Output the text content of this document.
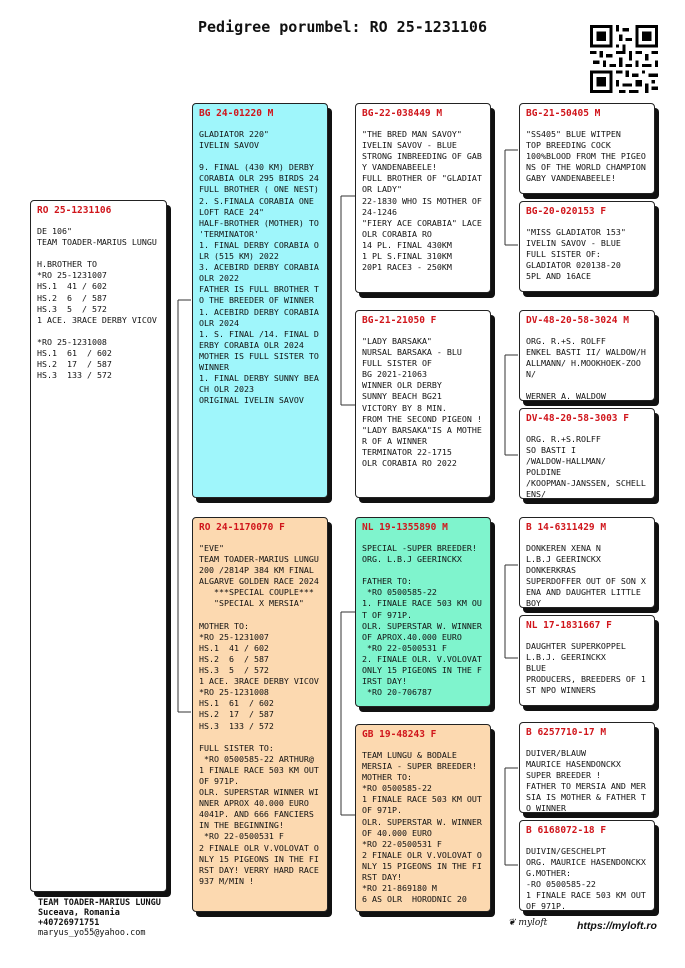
Pedigree porumbel: RO 25-1231106
RO 25-1231106
DE 106"
TEAM TOADER-MARIUS LUNGU

H.BROTHER TO
*RO 25-1231007
HS.1  41 / 602
HS.2  6  / 587
HS.3  5  / 572
1 ACE. 3RACE DERBY VICOV

*RO 25-1231008
HS.1  61  / 602
HS.2  17  / 587
HS.3  133 / 572
BG 24-01220 M
GLADIATOR 220"
IVELIN SAVOV

9. FINAL (430 KM) DERBY CORABIA OLR 295 BIRDS 24 FULL BROTHER ( ONE NEST)
2. S.FINALA CORABIA ONE LOFT RACE 24"
HALF-BROTHER (MOTHER) TO 'TERMINATOR'
1. FINAL DERBY CORABIA OLR (515 KM) 2022
3. ACEBIRD DERBY CORABIA OLR 2022
FATHER IS FULL BROTHER TO THE BREEDER OF WINNER
1. ACEBIRD DERBY CORABIA OLR 2024
1. S. FINAL /14. FINAL DERBY CORABIA OLR 2024
MOTHER IS FULL SISTER TO WINNER
1. FINAL DERBY SUNNY BEACH OLR 2023
ORIGINAL IVELIN SAVOV
RO 24-1170070 F
"EVE"
TEAM TOADER-MARIUS LUNGU
200 /2814P 384 KM FINAL ALGARVE GOLDEN RACE 2024
***SPECIAL COUPLE***
"SPECIAL X MERSIA"

MOTHER TO:
*RO 25-1231007
HS.1  41 / 602
HS.2  6  / 587
HS.3  5  / 572
1 ACE. 3RACE DERBY VICOV
*RO 25-1231008
HS.1  61  / 602
HS.2  17  / 587
HS.3  133 / 572

FULL SISTER TO:
*RO 0500585-22 ARTHUR@
1 FINALE RACE 503 KM OUT OF 971P.
OLR. SUPERSTAR WINNER WINNER APROX 40.000 EURO
4041P. AND 666 FANCIERS IN THE BEGINNING!
*RO 22-0500531 F
2 FINALE OLR V.VOLOVAT ONLY 15 PIGEONS IN THE FIRST DAY! VERRY HARD RACE 937 M/MIN !
BG-22-038449 M
"THE BRED MAN SAVOY"
IVELIN SAVOV - BLUE
STRONG INBREEDING OF GABY VANDENABEELE!
FULL BROTHER OF "GLADIATOR LADY"
22-1830 WHO IS MOTHER OF 24-1246
"FIERY ACE CORABIA" LACE OLR CORABIA RO
14 PL. FINAL 430KM
1 PL S.FINAL 310KM
20P1 RACE3 - 250KM
BG-21-21050 F
"LADY BARSAKA"
NURSAL BARSAKA - BLU
FULL SISTER OF
BG 2021-21063
WINNER OLR DERBY
SUNNY BEACH BG21
VICTORY BY 8 MIN.
FROM THE SECOND PIGEON !
"LADY BARSAKA"IS A MOTHER OF A WINNER
TERMINATOR 22-1715
OLR CORABIA RO 2022
NL 19-1355890 M
SPECIAL -SUPER BREEDER!
ORG. L.B.J GEERINCKX

FATHER TO:
*RO 0500585-22
1. FINALE RACE 503 KM OUT OF 971P.
OLR. SUPERSTAR W. WINNER OF APROX.40.000 EURO
*RO 22-0500531 F
2. FINALE OLR. V.VOLOVAT ONLY 15 PIGEONS IN THE FIRST DAY!
*RO 20-706787
GB 19-48243 F
TEAM LUNGU & BODALE
MERSIA - SUPER BREEDER!
MOTHER TO:
*RO 0500585-22
1 FINALE RACE 503 KM OUT OF 971P.
OLR. SUPERSTAR W. WINNER OF 40.000 EURO
*RO 22-0500531 F
2 FINALE OLR V.VOLOVAT ONLY 15 PIGEONS IN THE FIRST DAY!
*RO 21-869180 M
6 AS OLR  HORODNIC 20
BG-21-50405 M
"SS405" BLUE WITPEN
TOP BREEDING COCK
100%BLOOD FROM THE PIGEONS OF THE WORLD CHAMPION
GABY VANDENABEELE!
BG-20-020153 F
"MISS GLADIATOR 153"
IVELIN SAVOV - BLUE
FULL SISTER OF:
GLADIATOR 020138-20
5PL AND 16ACE
DV-48-20-58-3024 M
ORG. R.+S. ROLFF
ENKEL BASTI II/ WALDOW/HALLMANN/ H.MOOKHOEK-ZOON/

WERNER A. WALDOW
DV-48-20-58-3003 F
ORG. R.+S.ROLFF
SO BASTI I
/WALDOW-HALLMAN/
POLDINE
/KOOPMAN-JANSSEN, SCHELLENS/
B 14-6311429 M
DONKEREN XENA N
L.B.J GEERINCKX
DONKERKRAS
SUPERDOFFER OUT OF SON XENA AND DAUGHTER LITTLE BOY
NL 17-1831667 F
DAUGHTER SUPERKOPPEL
L.B.J. GEERINCKX
BLUE
PRODUCERS, BREEDERS OF 1ST NPO WINNERS
B 6257710-17 M
DUIVER/BLAUW
MAURICE HASENDONCKX
SUPER BREEDER !
FATHER TO MERSIA AND MERSIA IS MOTHER & FATHER TO WINNER
B 6168072-18 F
DUIVIN/GESCHELPT
ORG. MAURICE HASENDONCKX
G.MOTHER:
-RO 0500585-22
1 FINALE RACE 503 KM OUT OF 971P.
TEAM TOADER-MARIUS LUNGU
Suceava, Romania
+40726971751
maryus_yo55@yahoo.com
❦ myloft	https://myloft.ro
